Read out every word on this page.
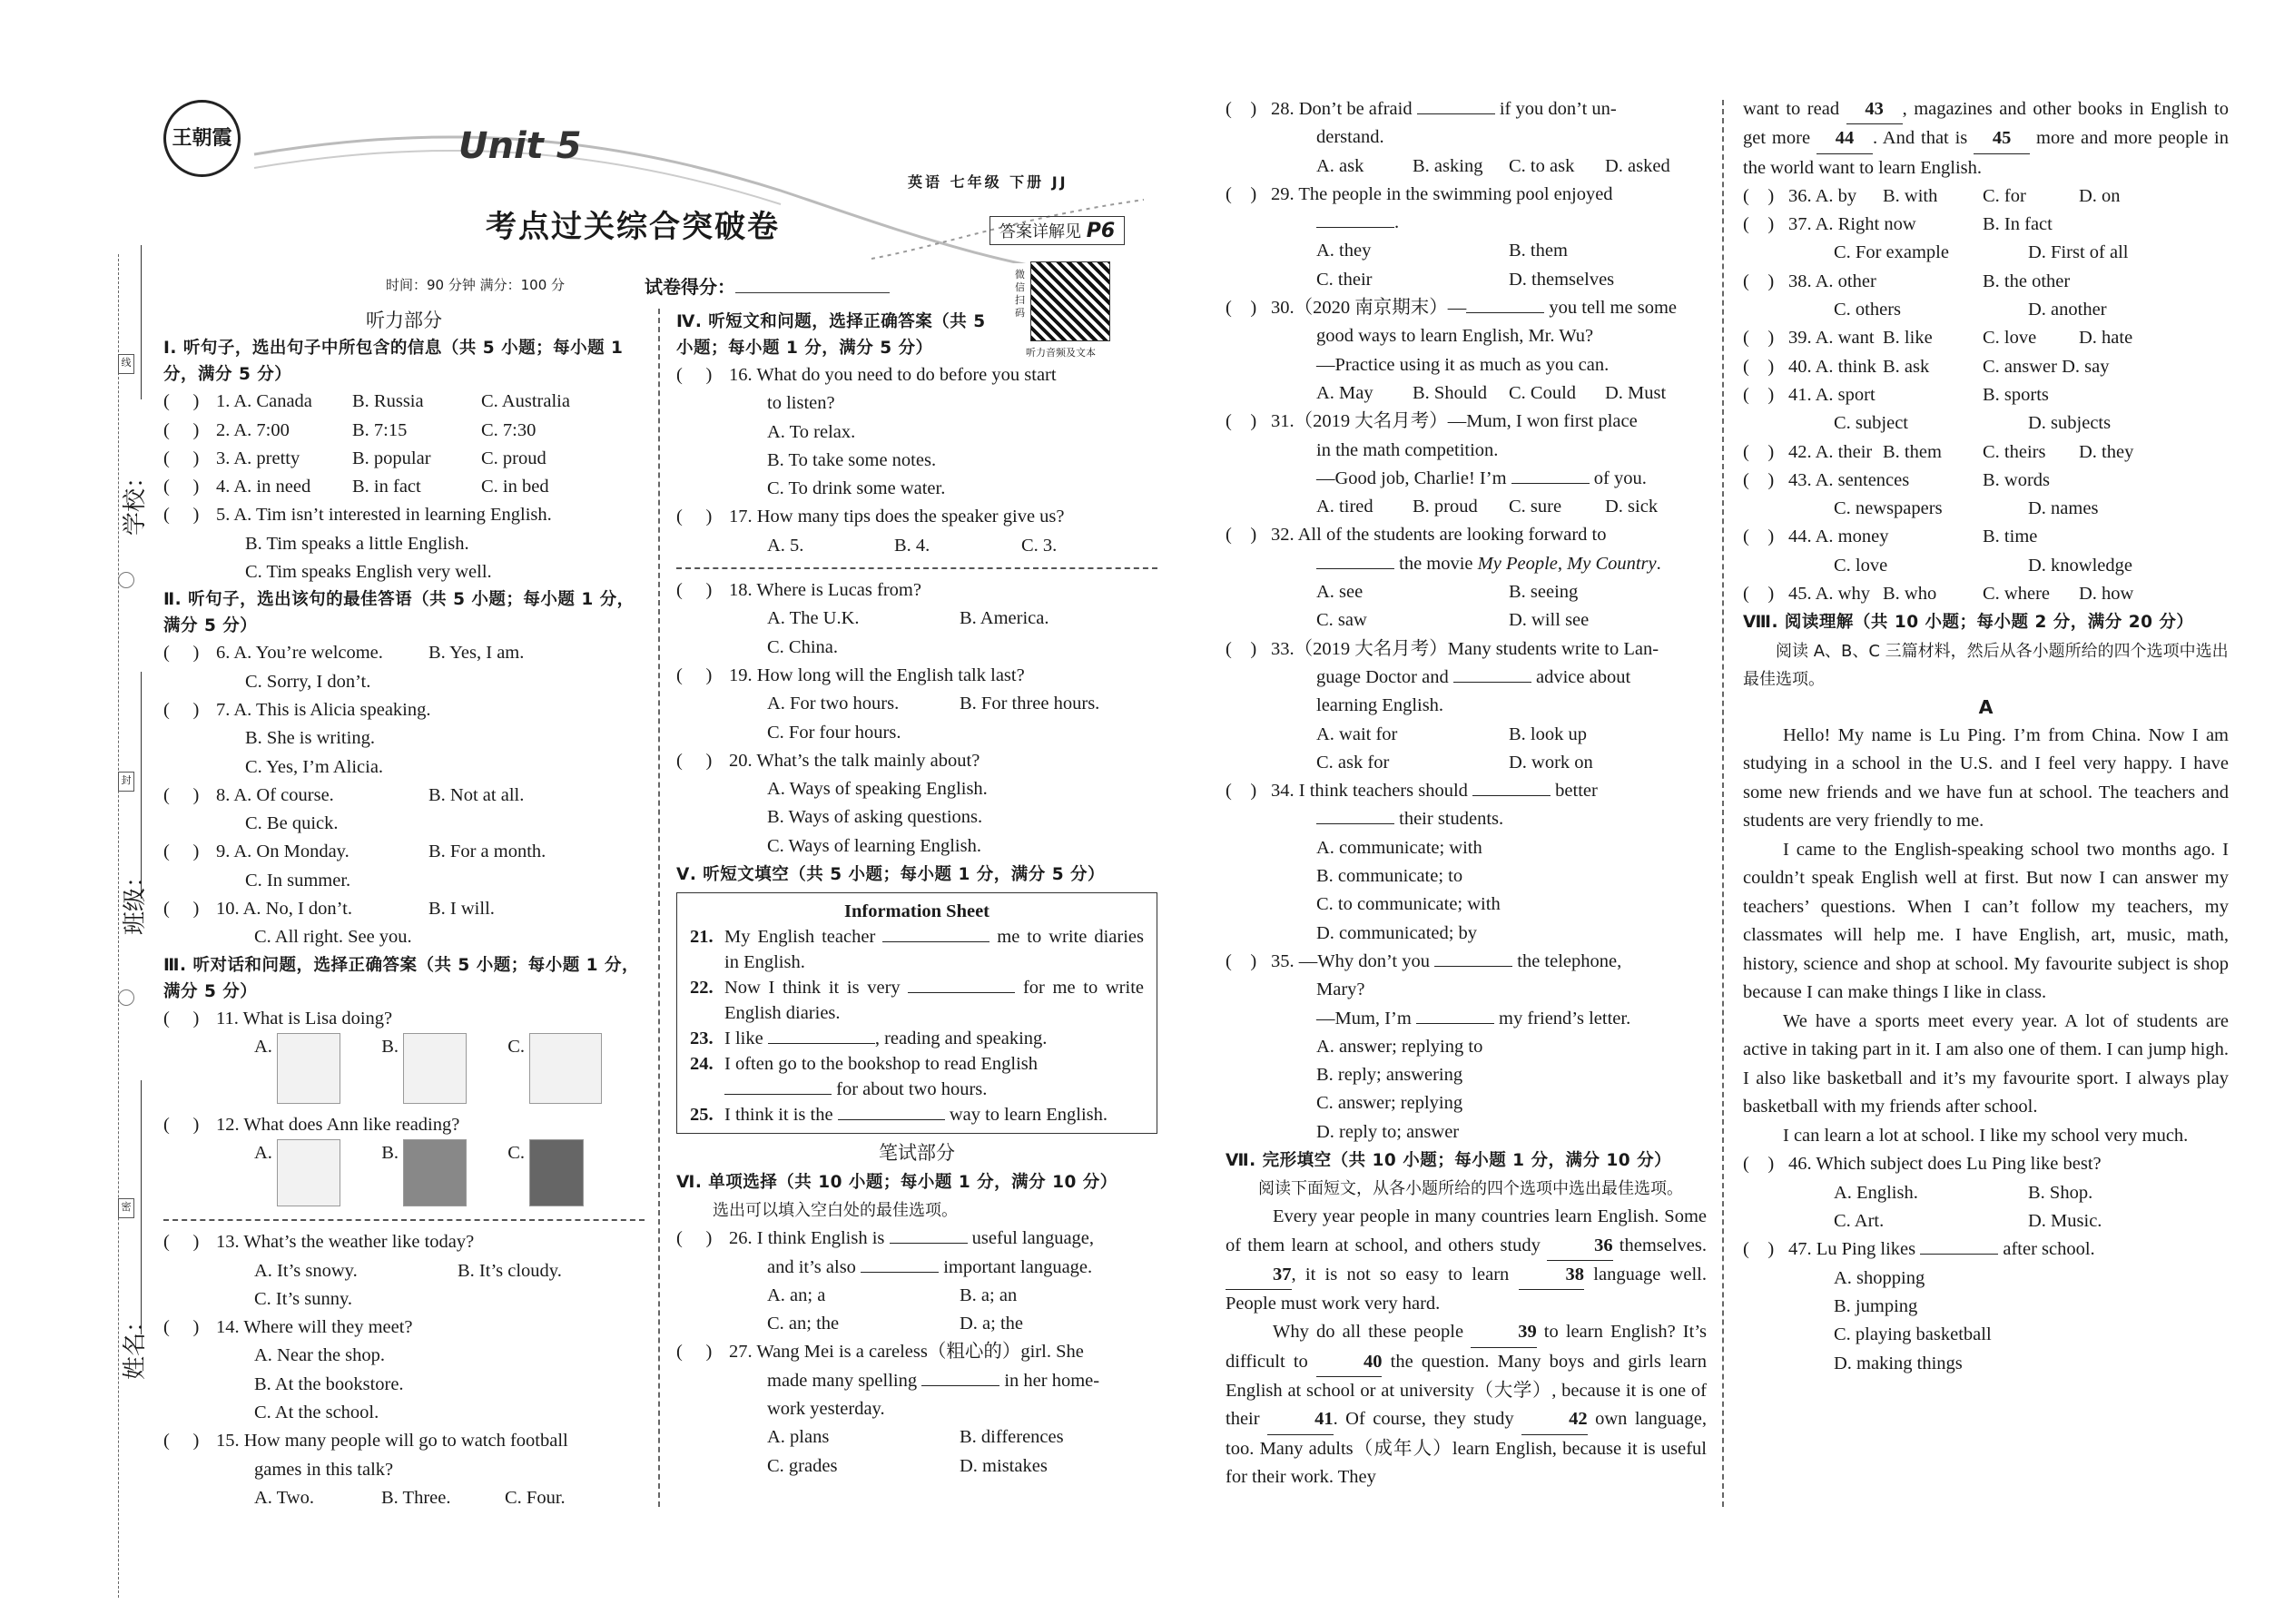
学校：
班级：
姓名：
线
封
密
王朝霞	Unit 5
考点过关综合突破卷
英语 七年级 下册 JJ
答案详解见 P6
微信扫码
听力音频及文本
时间：90 分钟 满分：100 分	试卷得分：
听力部分
Ⅰ. 听句子，选出句子中所包含的信息（共 5 小题；每小题 1 分，满分 5 分）
(     ) 1. A. Canada	B. Russia	C. Australia
(     ) 2. A. 7:00	B. 7:15	C. 7:30
(     ) 3. A. pretty	B. popular	C. proud
(     ) 4. A. in need	B. in fact	C. in bed
(     ) 5. A. Tim isn’t interested in learning English.
B. Tim speaks a little English.
C. Tim speaks English very well.
Ⅱ. 听句子，选出该句的最佳答语（共 5 小题；每小题 1 分，满分 5 分）
(     ) 6. A. You’re welcome.	B. Yes, I am.
C. Sorry, I don’t.
(     ) 7. A. This is Alicia speaking.
B. She is writing.
C. Yes, I’m Alicia.
(     ) 8. A. Of course.	B. Not at all.
C. Be quick.
(     ) 9. A. On Monday.	B. For a month.
C. In summer.
(     ) 10. A. No, I don’t.	B. I will.
C. All right. See you.
Ⅲ. 听对话和问题，选择正确答案（共 5 小题；每小题 1 分，满分 5 分）
(     ) 11. What is Lisa doing?
A.	B.	C.
(     ) 12. What does Ann like reading?
A.	B.	C.
(     ) 13. What’s the weather like today?
A. It’s snowy.	B. It’s cloudy.
C. It’s sunny.
(     ) 14. Where will they meet?
A. Near the shop.
B. At the bookstore.
C. At the school.
(     ) 15. How many people will go to watch football
games in this talk?
A. Two.	B. Three.	C. Four.
Ⅳ. 听短文和问题，选择正确答案（共 5 小题；每小题 1 分，满分 5 分）
(     ) 16. What do you need to do before you start
to listen?
A. To relax.
B. To take some notes.
C. To drink some water.
(     ) 17. How many tips does the speaker give us?
A. 5.	B. 4.	C. 3.
(     ) 18. Where is Lucas from?
A. The U.K.	B. America.
C. China.
(     ) 19. How long will the English talk last?
A. For two hours.	B. For three hours.
C. For four hours.
(     ) 20. What’s the talk mainly about?
A. Ways of speaking English.
B. Ways of asking questions.
C. Ways of learning English.
Ⅴ. 听短文填空（共 5 小题；每小题 1 分，满分 5 分）
Information Sheet
21. My English teacher	me to write diaries in English.
22. Now I think it is very	for me to write English diaries.
23. I like	, reading and speaking.
24. I often go to the bookshop to read English  for about two hours.
25. I think it is the	way to learn English.
笔试部分
Ⅵ. 单项选择（共 10 小题；每小题 1 分，满分 10 分）
选出可以填入空白处的最佳选项。
(     ) 26. I think English is	useful language,
and it’s also	important language.
A. an; a	B. a; an
C. an; the	D. a; the
(     ) 27. Wang Mei is a careless（粗心的）girl. She
made many spelling	in her home-
work yesterday.
A. plans	B. differences
C. grades	D. mistakes
(    ) 28. Don’t be afraid	if you don’t un-
derstand.
A. ask	B. asking C. to ask D. asked
(    ) 29. The people in the swimming pool enjoyed
.
A. they	B. them
C. their	D. themselves
(    ) 30.（2020 南京期末）—	you tell me some
good ways to learn English, Mr. Wu?
—Practice using it as much as you can.
A. May B. Should C. Could D. Must
(    ) 31.（2019 大名月考）—Mum, I won first place
in the math competition.
—Good job, Charlie! I’m	of you.
A. tired B. proud C. sure D. sick
(    ) 32. All of the students are looking forward to
the movie My People, My Country.
A. see	B. seeing
C. saw	D. will see
(    ) 33.（2019 大名月考）Many students write to Lan-
guage Doctor and	advice about
learning English.
A. wait for	B. look up
C. ask for	D. work on
(    ) 34. I think teachers should	better
their students.
A. communicate; with
B. communicate; to
C. to communicate; with
D. communicated; by
(    ) 35. —Why don’t you	the telephone,
Mary?
—Mum, I’m	my friend’s letter.
A. answer; replying to
B. reply; answering
C. answer; replying
D. reply to; answer
Ⅶ. 完形填空（共 10 小题；每小题 1 分，满分 10 分）
阅读下面短文，从各小题所给的四个选项中选出最佳选项。
Every year people in many countries learn English. Some of them learn at school, and others study	36 themselves. 37, it is not so easy to learn	38 language well. People must work very hard.
Why do all these people	39 to learn English? It’s difficult to	40 the question. Many boys and girls learn English at school or at university（大学）, because it is one of their	41. Of course, they study	42 own language, too. Many adults（成年人）learn English, because it is useful for their work. They
want to read 43 , magazines and other books in English to get more 44 . And that is 45 more and more people in the world want to learn English.
(    ) 36. A. by	B. with	C. for	D. on
(    ) 37. A. Right now	B. In fact
C. For example	D. First of all
(    ) 38. A. other	B. the other
C. others	D. another
(    ) 39. A. want B. like	C. love	D. hate
(    ) 40. A. think B. ask	C. answer D. say
(    ) 41. A. sport	B. sports
C. subject	D. subjects
(    ) 42. A. their B. them	C. theirs	D. they
(    ) 43. A. sentences	B. words
C. newspapers	D. names
(    ) 44. A. money	B. time
C. love	D. knowledge
(    ) 45. A. why B. who	C. where	D. how
Ⅷ. 阅读理解（共 10 小题；每小题 2 分，满分 20 分）
阅读 A、B、C 三篇材料，然后从各小题所给的四个选项中选出最佳选项。
A
Hello! My name is Lu Ping. I’m from China. Now I am studying in a school in the U.S. and I feel very happy. I have some new friends and we have fun at school. The teachers and students are very friendly to me.
I came to the English-speaking school two months ago. I couldn’t speak English well at first. But now I can answer my teachers’ questions. When I can’t follow my teachers, my classmates will help me. I have English, art, music, math, history, science and shop at school. My favourite subject is shop because I can make things I like in class.
We have a sports meet every year. A lot of students are active in taking part in it. I am also one of them. I can jump high. I also like basketball and it’s my favourite sport. I always play basketball with my friends after school.
I can learn a lot at school. I like my school very much.
(    ) 46. Which subject does Lu Ping like best?
A. English.	B. Shop.
C. Art.	D. Music.
(    ) 47. Lu Ping likes	after school.
A. shopping
B. jumping
C. playing basketball
D. making things
